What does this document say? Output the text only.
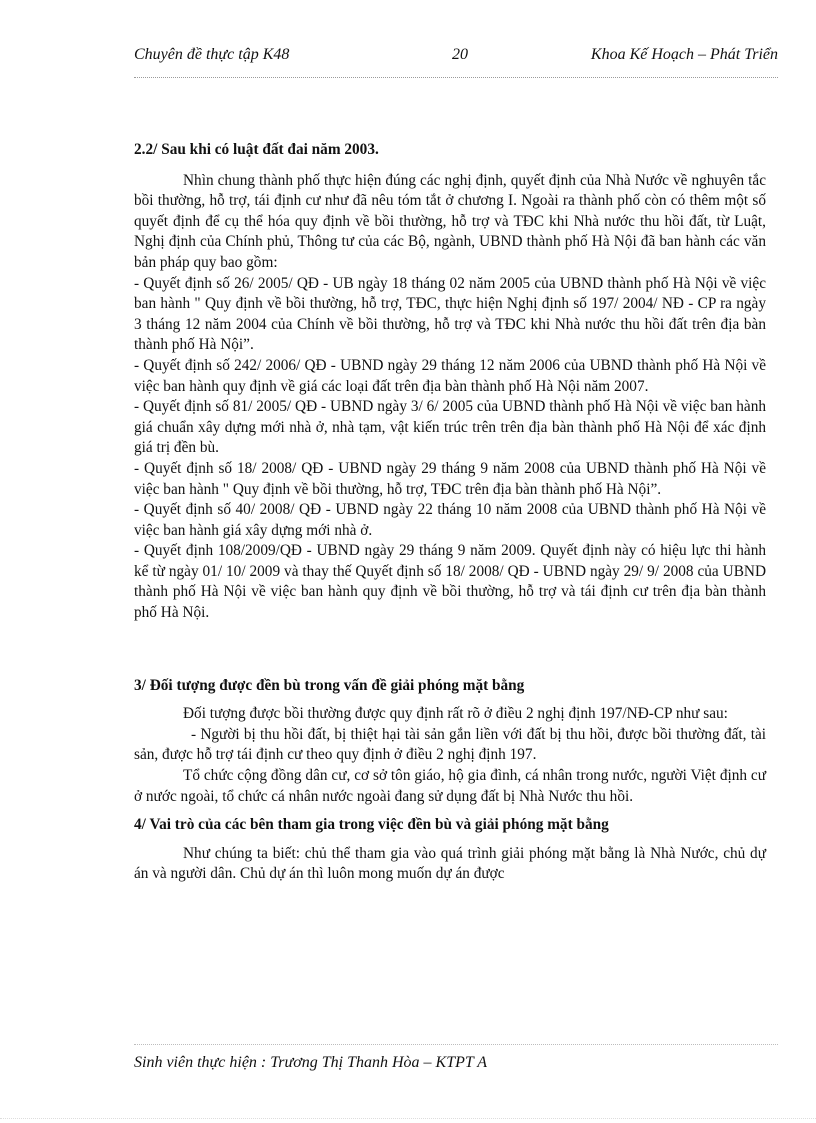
Chuyên đề thực tập K48	20	Khoa Kế Hoạch – Phát Triển

2.2/ Sau khi có luật đất đai năm 2003.

Nhìn chung thành phố thực hiện đúng các nghị định, quyết định của Nhà Nước về nghuyên tắc bồi thường, hỗ trợ, tái định cư như đã nêu tóm tắt ở chương I. Ngoài ra thành phố còn có thêm một số quyết định để cụ thể hóa quy định về bồi thường, hỗ trợ và TĐC khi Nhà nước thu hồi đất, từ Luật, Nghị định của Chính phủ, Thông tư của các Bộ, ngành, UBND thành phố Hà Nội đã ban hành các văn bản pháp quy bao gồm:

- Quyết định số 26/ 2005/ QĐ - UB ngày 18 tháng 02 năm 2005 của UBND thành phố Hà Nội về việc ban hành " Quy định về bồi thường, hỗ trợ, TĐC, thực hiện Nghị định số 197/ 2004/ NĐ - CP ra ngày 3 tháng 12 năm 2004 của Chính về bồi thường, hỗ trợ và TĐC khi Nhà nước thu hồi đất trên địa bàn thành phố Hà Nội”.

- Quyết định số 242/ 2006/ QĐ - UBND ngày 29 tháng 12 năm 2006 của UBND thành phố Hà Nội về việc ban hành quy định về giá các loại đất trên địa bàn thành phố Hà Nội năm 2007.

- Quyết định số 81/ 2005/ QĐ - UBND ngày 3/ 6/ 2005 của UBND thành phố Hà Nội về việc ban hành giá chuẩn xây dựng mới nhà ở, nhà tạm, vật kiến trúc trên trên địa bàn thành phố Hà Nội để xác định giá trị đền bù.

- Quyết định số 18/ 2008/ QĐ - UBND ngày 29 tháng 9 năm 2008 của UBND thành phố Hà Nội về việc ban hành " Quy định về bồi thường, hỗ trợ, TĐC trên địa bàn thành phố Hà Nội”.

- Quyết định số 40/ 2008/ QĐ - UBND ngày 22 tháng 10 năm 2008 của UBND thành phố Hà Nội về việc ban hành giá xây dựng mới nhà ở.

- Quyết định 108/2009/QĐ - UBND ngày 29 tháng 9 năm 2009. Quyết định này có hiệu lực thi hành kể từ ngày 01/ 10/ 2009 và thay thế Quyết định số 18/ 2008/ QĐ - UBND ngày 29/ 9/ 2008 của UBND thành phố Hà Nội về việc ban hành quy định về bồi thường, hỗ trợ và tái định cư trên địa bàn thành phố Hà Nội.

3/ Đối tượng được đền bù trong vấn đề giải phóng mặt bằng

Đối tượng được bồi thường được quy định rất rõ ở điều 2 nghị định 197/NĐ-CP như sau:

- Người bị thu hồi đất, bị thiệt hại tài sản gắn liền với đất bị thu hồi, được bồi thường đất, tài sản, được hỗ trợ tái định cư theo quy định ở điều 2 nghị định 197.

Tổ chức cộng đồng dân cư, cơ sở tôn giáo, hộ gia đình, cá nhân trong nước, người Việt định cư ở nước ngoài, tổ chức cá nhân nước ngoài đang sử dụng đất bị Nhà Nước thu hồi.

4/ Vai trò của các bên tham gia trong việc đền bù và giải phóng mặt bằng

Như chúng ta biết: chủ thể tham gia vào quá trình giải phóng mặt bằng là Nhà Nước, chủ dự án và người dân. Chủ dự án thì luôn mong muốn dự án được

Sinh viên thực hiện : Trương Thị Thanh Hòa – KTPT A
